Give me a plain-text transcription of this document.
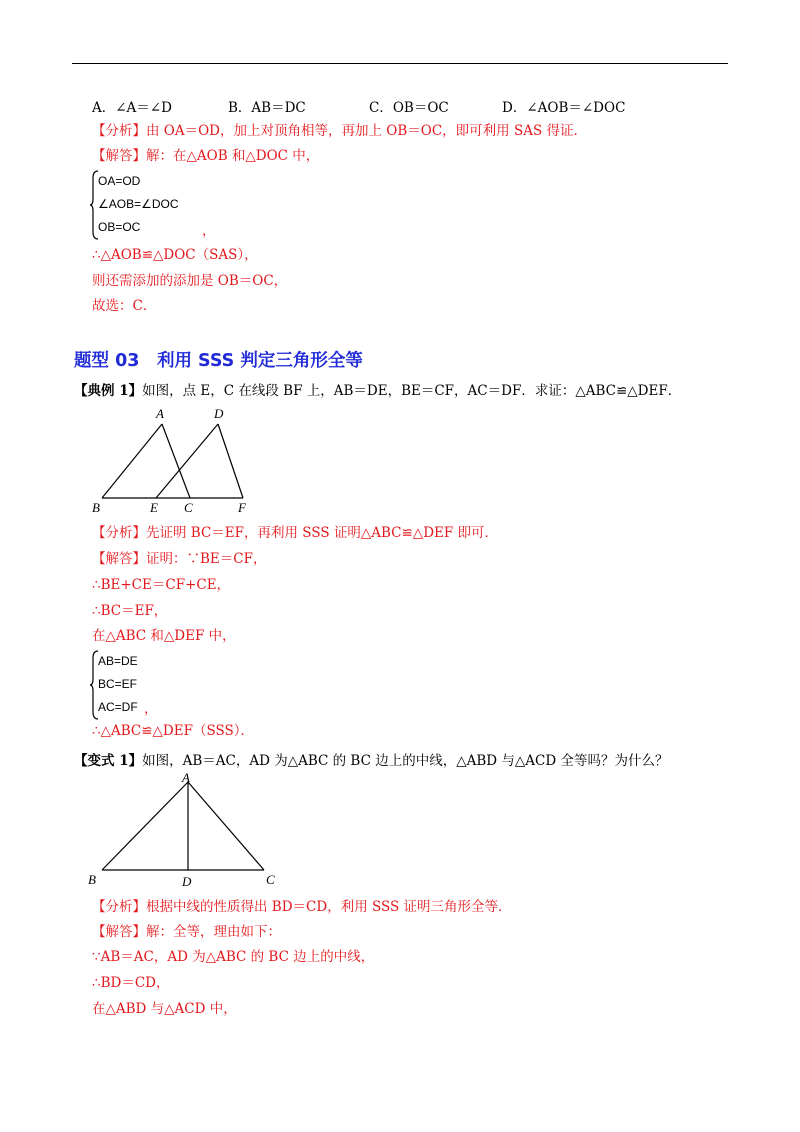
A．∠A＝∠D	B．AB＝DC	C．OB＝OC	D．∠AOB＝∠DOC
【分析】由 OA＝OD，加上对顶角相等，再加上 OB＝OC，即可利用 SAS 得证．
【解答】解：在△AOB 和△DOC 中，
OA=OD
∠AOB=∠DOC
OB=OC	，
∴△AOB≌△DOC（SAS），
则还需添加的添加是 OB＝OC，
故选：C．
题型 03　利用 SSS 判定三角形全等
【典例 1】如图，点 E，C 在线段 BF 上，AB＝DE，BE＝CF，AC＝DF．求证：△ABC≌△DEF．
A	D
B	E C	F
【分析】先证明 BC＝EF，再利用 SSS 证明△ABC≌△DEF 即可．
【解答】证明：∵BE＝CF，
∴BE+CE＝CF+CE，
∴BC＝EF，
在△ABC 和△DEF 中，
AB=DE
BC=EF
AC=DF ，
∴△ABC≌△DEF（SSS）．
【变式 1】如图，AB＝AC，AD 为△ABC 的 BC 边上的中线，△ABD 与△ACD 全等吗？为什么？
A
B	D	C
【分析】根据中线的性质得出 BD＝CD，利用 SSS 证明三角形全等．
【解答】解：全等，理由如下：
∵AB＝AC，AD 为△ABC 的 BC 边上的中线，
∴BD＝CD，
在△ABD 与△ACD 中，
